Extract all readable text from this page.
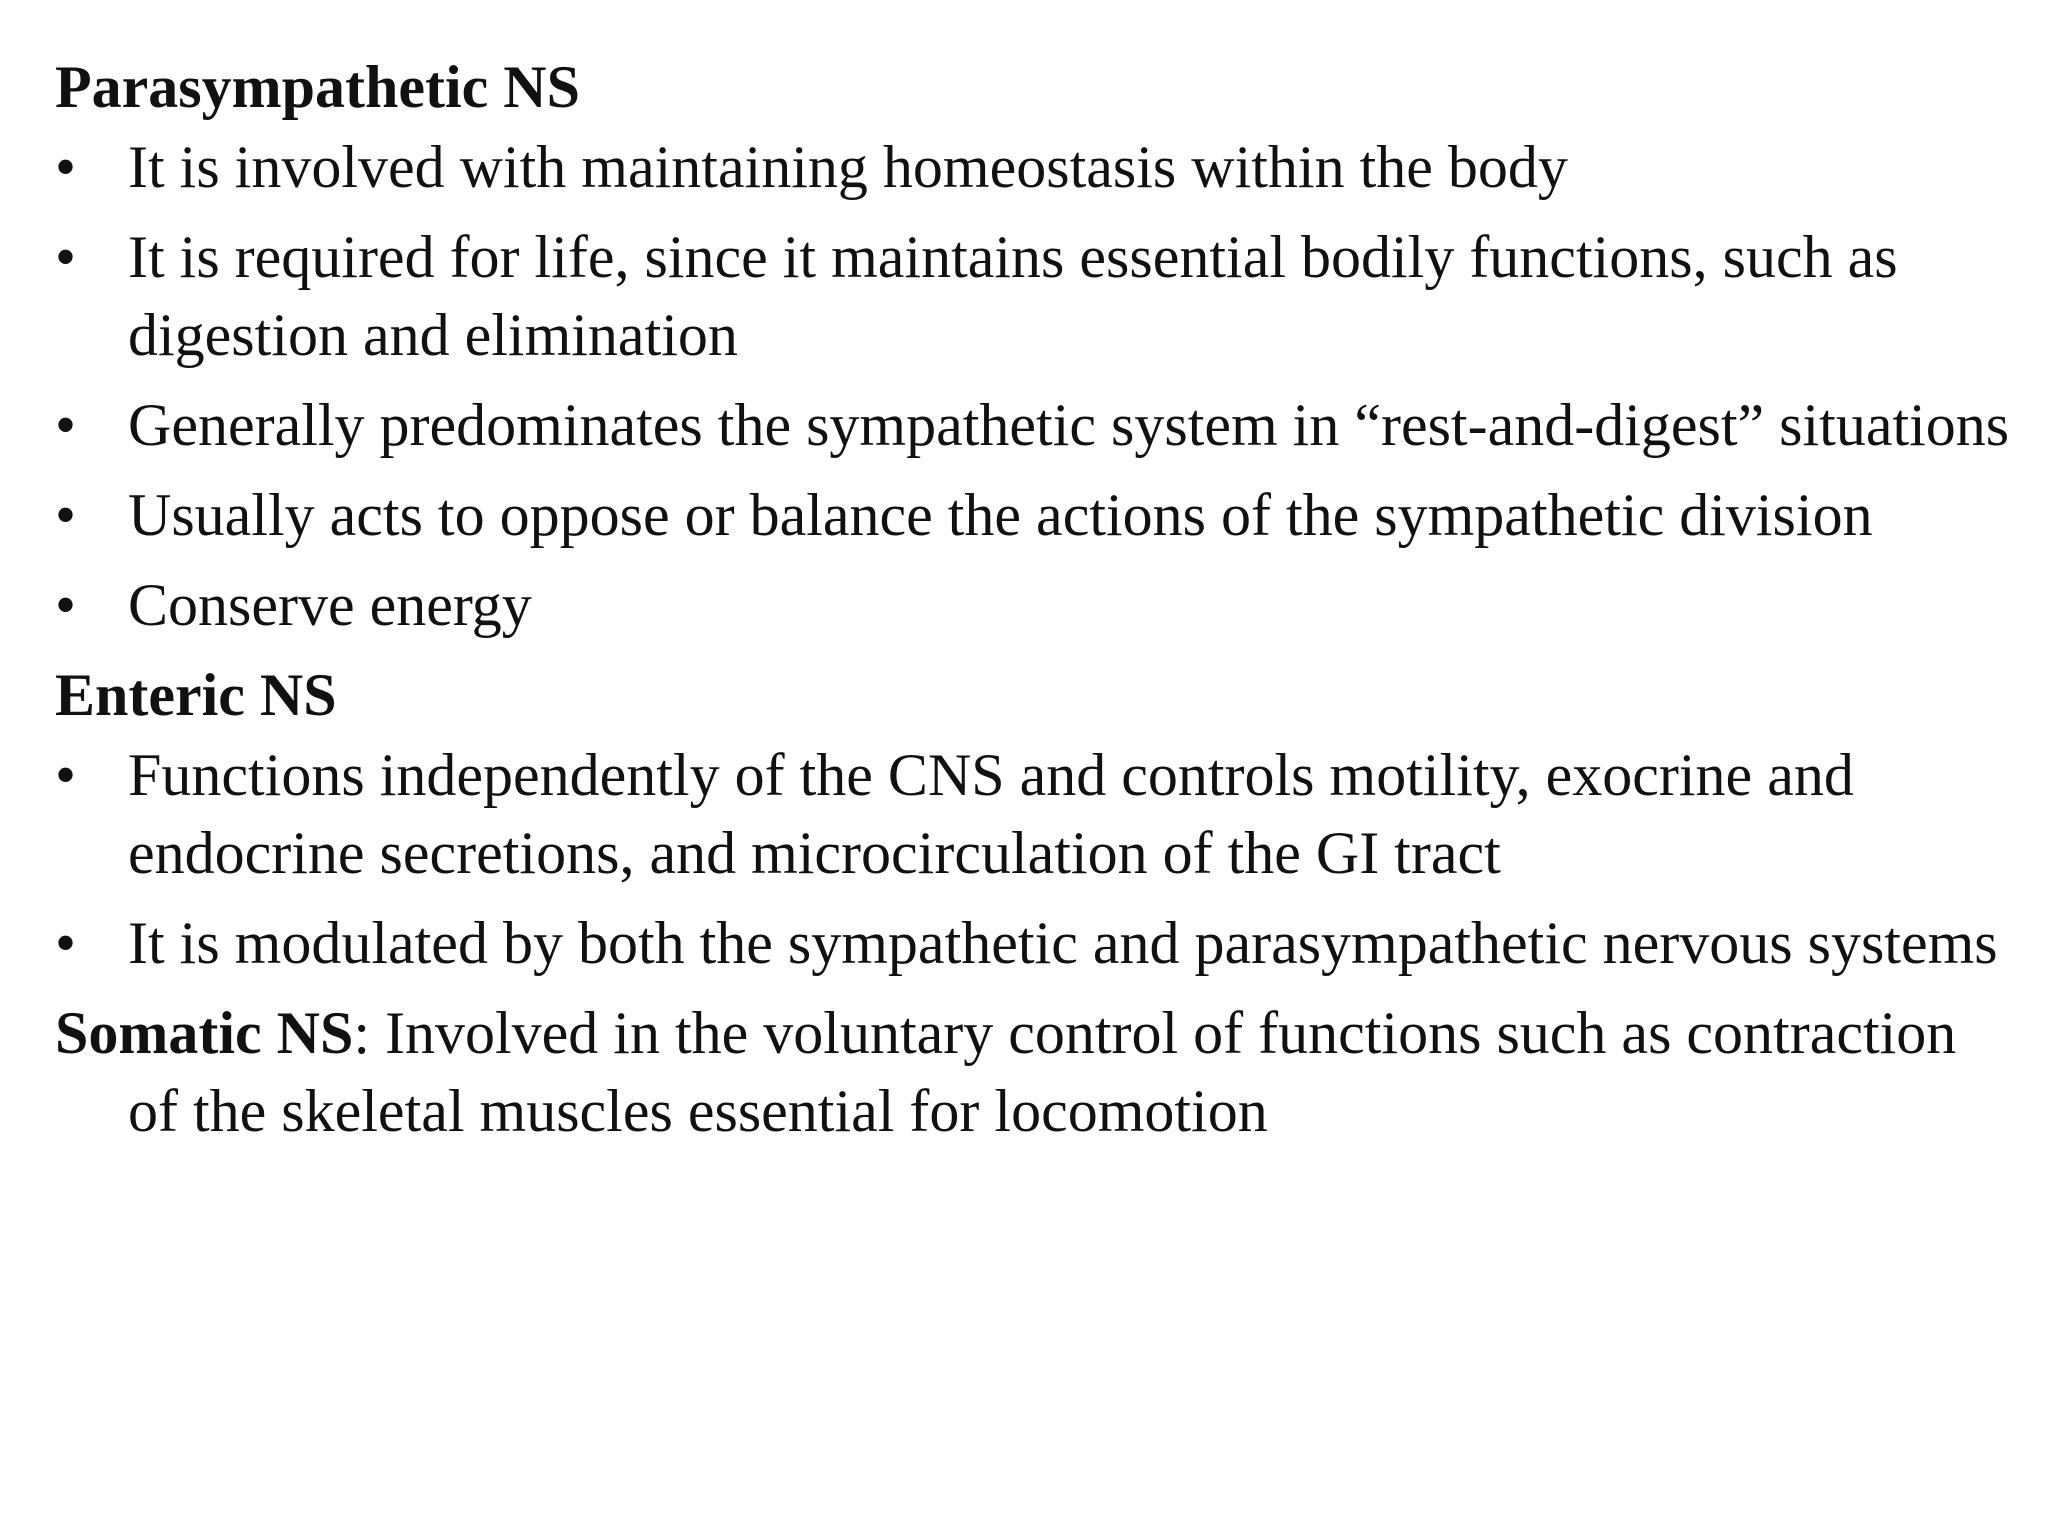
Parasympathetic NS
• It is involved with maintaining homeostasis within the body
• It is required for life, since it maintains essential bodily functions, such as digestion and elimination
• Generally predominates the sympathetic system in “rest-and-digest” situations
• Usually acts to oppose or balance the actions of the sympathetic division
• Conserve energy
Enteric NS
• Functions independently of the CNS and controls motility, exocrine and endocrine secretions, and microcirculation of the GI tract
• It is modulated by both the sympathetic and parasympathetic nervous systems

Somatic NS: Involved in the voluntary control of functions such as contraction of the skeletal muscles essential for locomotion
